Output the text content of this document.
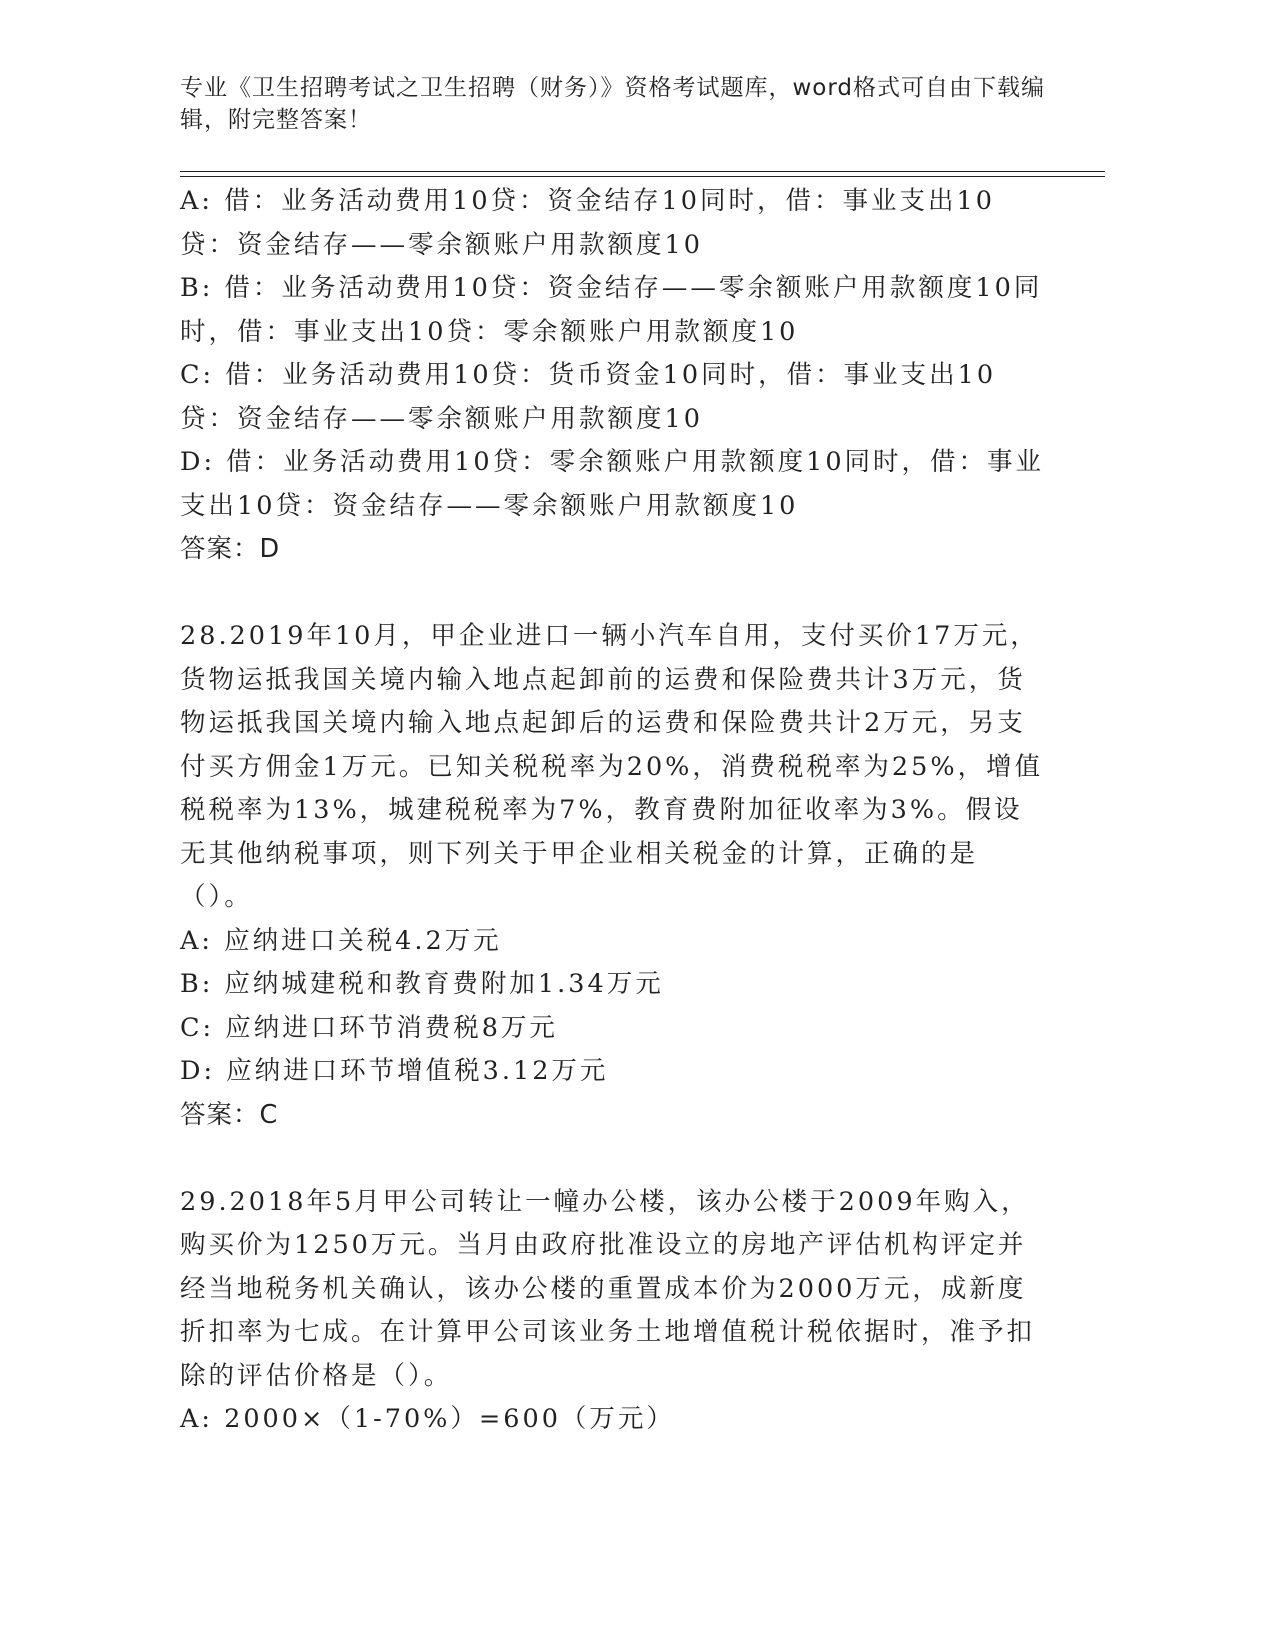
专业《卫生招聘考试之卫生招聘（财务）》资格考试题库，word格式可自由下载编辑，附完整答案！

A: 借：业务活动费用10贷：资金结存10同时，借：事业支出10贷：资金结存——零余额账户用款额度10

B: 借：业务活动费用10贷：资金结存——零余额账户用款额度10同时，借：事业支出10贷：零余额账户用款额度10

C: 借：业务活动费用10贷：货币资金10同时，借：事业支出10贷：资金结存——零余额账户用款额度10

D: 借：业务活动费用10贷：零余额账户用款额度10同时，借：事业支出10贷：资金结存——零余额账户用款额度10

答案：D

28.2019年10月，甲企业进口一辆小汽车自用，支付买价17万元，货物运抵我国关境内输入地点起卸前的运费和保险费共计3万元，货物运抵我国关境内输入地点起卸后的运费和保险费共计2万元，另支付买方佣金1万元。已知关税税率为20%，消费税税率为25%，增值税税率为13%，城建税税率为7%，教育费附加征收率为3%。假设无其他纳税事项，则下列关于甲企业相关税金的计算，正确的是（）。

A: 应纳进口关税4.2万元

B: 应纳城建税和教育费附加1.34万元

C: 应纳进口环节消费税8万元

D: 应纳进口环节增值税3.12万元

答案：C

29.2018年5月甲公司转让一幢办公楼，该办公楼于2009年购入，购买价为1250万元。当月由政府批准设立的房地产评估机构评定并经当地税务机关确认，该办公楼的重置成本价为2000万元，成新度折扣率为七成。在计算甲公司该业务土地增值税计税依据时，准予扣除的评估价格是（）。

A: 2000×（1-70%）=600（万元）
